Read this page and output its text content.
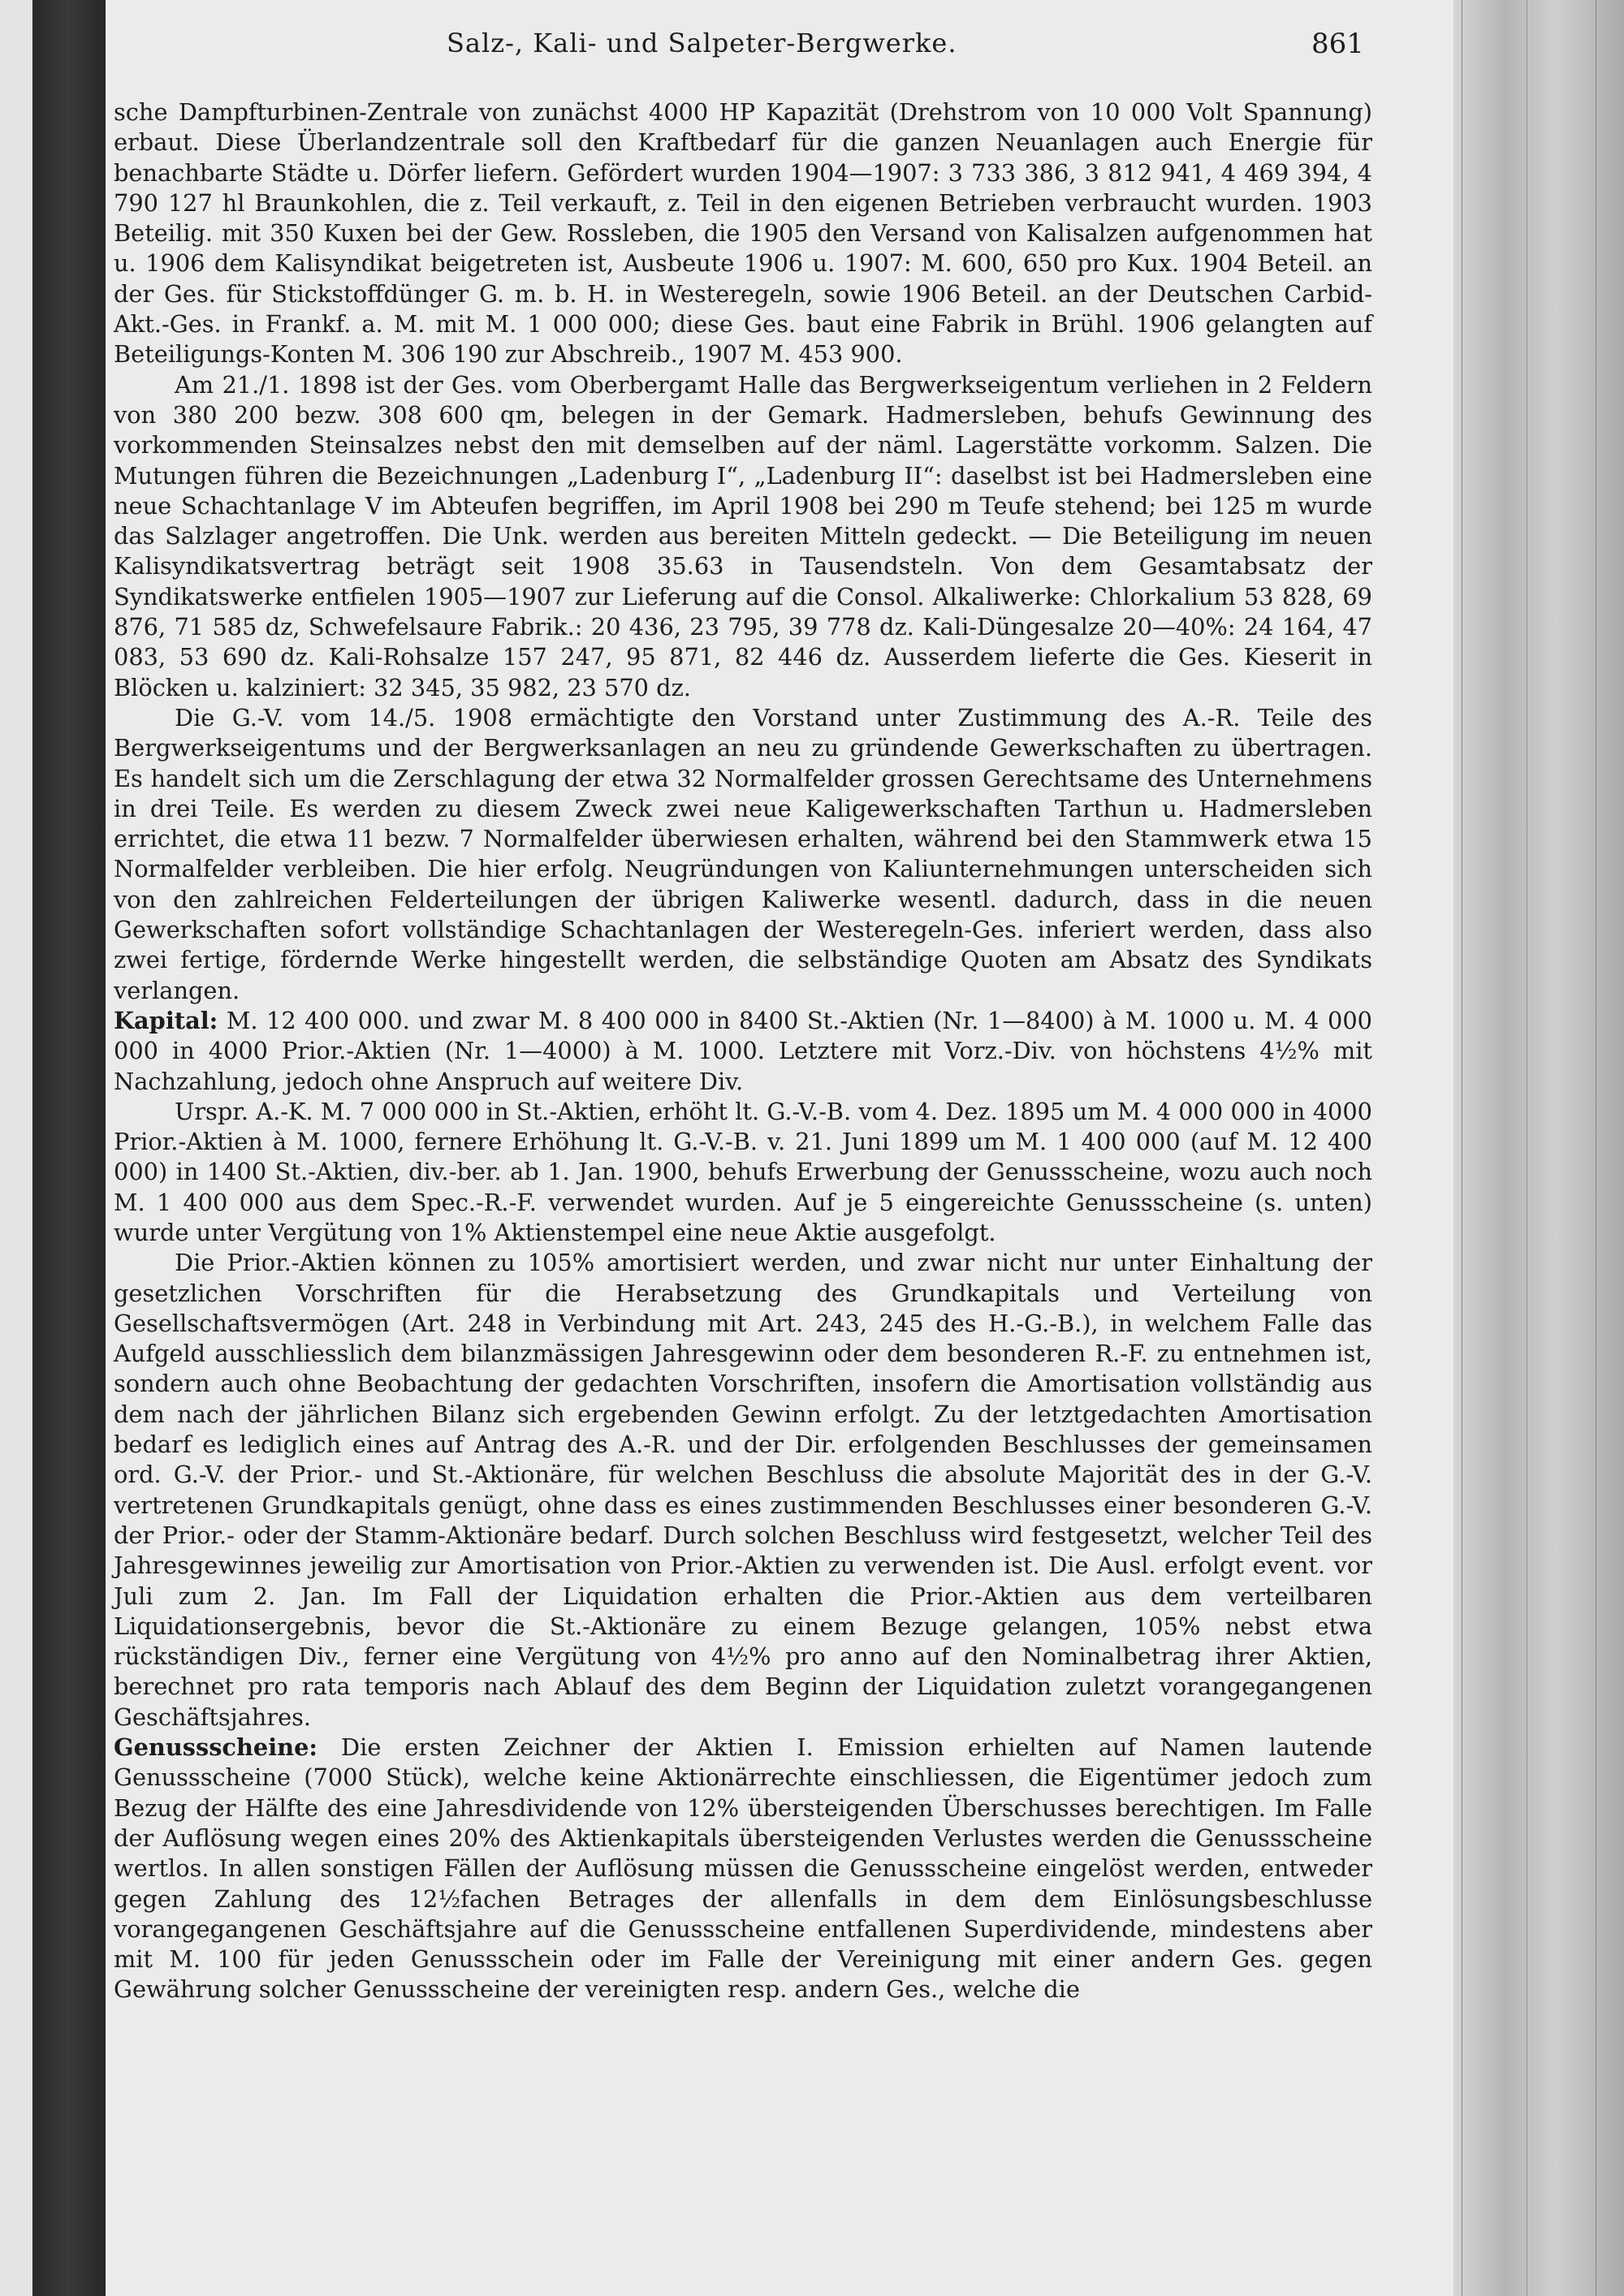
Salz-, Kali- und Salpeter-Bergwerke.	861

sche Dampfturbinen-Zentrale von zunächst 4000 HP Kapazität (Drehstrom von 10 000 Volt Spannung) erbaut. Diese Überlandzentrale soll den Kraftbedarf für die ganzen Neuanlagen auch Energie für benachbarte Städte u. Dörfer liefern. Gefördert wurden 1904—1907: 3 733 386, 3 812 941, 4 469 394, 4 790 127 hl Braunkohlen, die z. Teil verkauft, z. Teil in den eigenen Betrieben verbraucht wurden. 1903 Beteilig. mit 350 Kuxen bei der Gew. Rossleben, die 1905 den Versand von Kalisalzen aufgenommen hat u. 1906 dem Kalisyndikat beigetreten ist, Ausbeute 1906 u. 1907: M. 600, 650 pro Kux. 1904 Beteil. an der Ges. für Stickstoffdünger G. m. b. H. in Westeregeln, sowie 1906 Beteil. an der Deutschen Carbid-Akt.-Ges. in Frankf. a. M. mit M. 1 000 000; diese Ges. baut eine Fabrik in Brühl. 1906 gelangten auf Beteiligungs-Konten M. 306 190 zur Abschreib., 1907 M. 453 900.

Am 21./1. 1898 ist der Ges. vom Oberbergamt Halle das Bergwerkseigentum verliehen in 2 Feldern von 380 200 bezw. 308 600 qm, belegen in der Gemark. Hadmersleben, behufs Gewinnung des vorkommenden Steinsalzes nebst den mit demselben auf der näml. Lagerstätte vorkomm. Salzen. Die Mutungen führen die Bezeichnungen „Ladenburg I“, „Ladenburg II“: daselbst ist bei Hadmersleben eine neue Schachtanlage V im Abteufen begriffen, im April 1908 bei 290 m Teufe stehend; bei 125 m wurde das Salzlager angetroffen. Die Unk. werden aus bereiten Mitteln gedeckt. — Die Beteiligung im neuen Kalisyndikatsvertrag beträgt seit 1908 35.63 in Tausendsteln. Von dem Gesamtabsatz der Syndikatswerke entfielen 1905—1907 zur Lieferung auf die Consol. Alkaliwerke: Chlorkalium 53 828, 69 876, 71 585 dz, Schwefelsaure Fabrik.: 20 436, 23 795, 39 778 dz. Kali-Düngesalze 20—40%: 24 164, 47 083, 53 690 dz. Kali-Rohsalze 157 247, 95 871, 82 446 dz. Ausserdem lieferte die Ges. Kieserit in Blöcken u. kalziniert: 32 345, 35 982, 23 570 dz.

Die G.-V. vom 14./5. 1908 ermächtigte den Vorstand unter Zustimmung des A.-R. Teile des Bergwerkseigentums und der Bergwerksanlagen an neu zu gründende Gewerkschaften zu übertragen. Es handelt sich um die Zerschlagung der etwa 32 Normalfelder grossen Gerechtsame des Unternehmens in drei Teile. Es werden zu diesem Zweck zwei neue Kaligewerkschaften Tarthun u. Hadmersleben errichtet, die etwa 11 bezw. 7 Normalfelder überwiesen erhalten, während bei den Stammwerk etwa 15 Normalfelder verbleiben. Die hier erfolg. Neugründungen von Kaliunternehmungen unterscheiden sich von den zahlreichen Felderteilungen der übrigen Kaliwerke wesentl. dadurch, dass in die neuen Gewerkschaften sofort vollständige Schachtanlagen der Westeregeln-Ges. inferiert werden, dass also zwei fertige, fördernde Werke hingestellt werden, die selbständige Quoten am Absatz des Syndikats verlangen.

Kapital: M. 12 400 000. und zwar M. 8 400 000 in 8400 St.-Aktien (Nr. 1—8400) à M. 1000 u. M. 4 000 000 in 4000 Prior.-Aktien (Nr. 1—4000) à M. 1000. Letztere mit Vorz.-Div. von höchstens 4½% mit Nachzahlung, jedoch ohne Anspruch auf weitere Div.

Urspr. A.-K. M. 7 000 000 in St.-Aktien, erhöht lt. G.-V.-B. vom 4. Dez. 1895 um M. 4 000 000 in 4000 Prior.-Aktien à M. 1000, fernere Erhöhung lt. G.-V.-B. v. 21. Juni 1899 um M. 1 400 000 (auf M. 12 400 000) in 1400 St.-Aktien, div.-ber. ab 1. Jan. 1900, behufs Erwerbung der Genussscheine, wozu auch noch M. 1 400 000 aus dem Spec.-R.-F. verwendet wurden. Auf je 5 eingereichte Genussscheine (s. unten) wurde unter Vergütung von 1% Aktienstempel eine neue Aktie ausgefolgt.

Die Prior.-Aktien können zu 105% amortisiert werden, und zwar nicht nur unter Einhaltung der gesetzlichen Vorschriften für die Herabsetzung des Grundkapitals und Verteilung von Gesellschaftsvermögen (Art. 248 in Verbindung mit Art. 243, 245 des H.-G.-B.), in welchem Falle das Aufgeld ausschliesslich dem bilanzmässigen Jahresgewinn oder dem besonderen R.-F. zu entnehmen ist, sondern auch ohne Beobachtung der gedachten Vorschriften, insofern die Amortisation vollständig aus dem nach der jährlichen Bilanz sich ergebenden Gewinn erfolgt. Zu der letztgedachten Amortisation bedarf es lediglich eines auf Antrag des A.-R. und der Dir. erfolgenden Beschlusses der gemeinsamen ord. G.-V. der Prior.- und St.-Aktionäre, für welchen Beschluss die absolute Majorität des in der G.-V. vertretenen Grundkapitals genügt, ohne dass es eines zustimmenden Beschlusses einer besonderen G.-V. der Prior.- oder der Stamm-Aktionäre bedarf. Durch solchen Beschluss wird festgesetzt, welcher Teil des Jahresgewinnes jeweilig zur Amortisation von Prior.-Aktien zu verwenden ist. Die Ausl. erfolgt event. vor Juli zum 2. Jan. Im Fall der Liquidation erhalten die Prior.-Aktien aus dem verteilbaren Liquidationsergebnis, bevor die St.-Aktionäre zu einem Bezuge gelangen, 105% nebst etwa rückständigen Div., ferner eine Vergütung von 4½% pro anno auf den Nominalbetrag ihrer Aktien, berechnet pro rata temporis nach Ablauf des dem Beginn der Liquidation zuletzt vorangegangenen Geschäftsjahres.

Genussscheine: Die ersten Zeichner der Aktien I. Emission erhielten auf Namen lautende Genussscheine (7000 Stück), welche keine Aktionärrechte einschliessen, die Eigentümer jedoch zum Bezug der Hälfte des eine Jahresdividende von 12% übersteigenden Überschusses berechtigen. Im Falle der Auflösung wegen eines 20% des Aktienkapitals übersteigenden Verlustes werden die Genussscheine wertlos. In allen sonstigen Fällen der Auflösung müssen die Genussscheine eingelöst werden, entweder gegen Zahlung des 12½fachen Betrages der allenfalls in dem dem Einlösungsbeschlusse vorangegangenen Geschäftsjahre auf die Genussscheine entfallenen Superdividende, mindestens aber mit M. 100 für jeden Genussschein oder im Falle der Vereinigung mit einer andern Ges. gegen Gewährung solcher Genussscheine der vereinigten resp. andern Ges., welche die
